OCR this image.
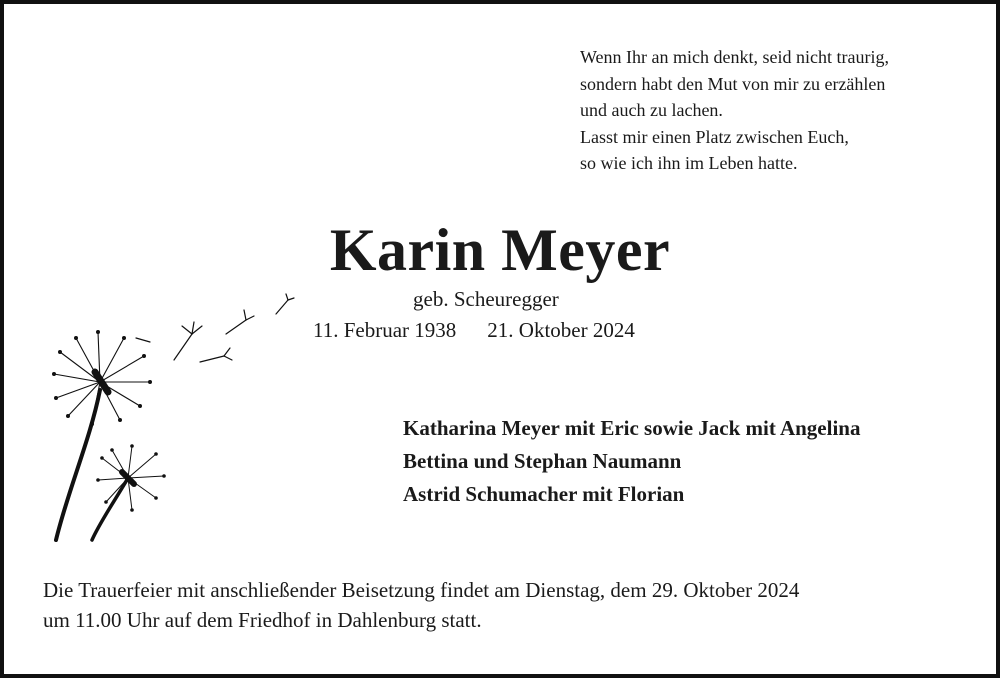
Wenn Ihr an mich denkt, seid nicht traurig,
sondern habt den Mut von mir zu erzählen
und auch zu lachen.
Lasst mir einen Platz zwischen Euch,
so wie ich ihn im Leben hatte.
Karin Meyer
geb. Scheuregger
11. Februar 1938 21. Oktober 2024
Katharina Meyer mit Eric sowie Jack mit Angelina
Bettina und Stephan Naumann
Astrid Schumacher mit Florian
Die Trauerfeier mit anschließender Beisetzung findet am Dienstag, dem 29. Oktober 2024
um 11.00 Uhr auf dem Friedhof in Dahlenburg statt.
